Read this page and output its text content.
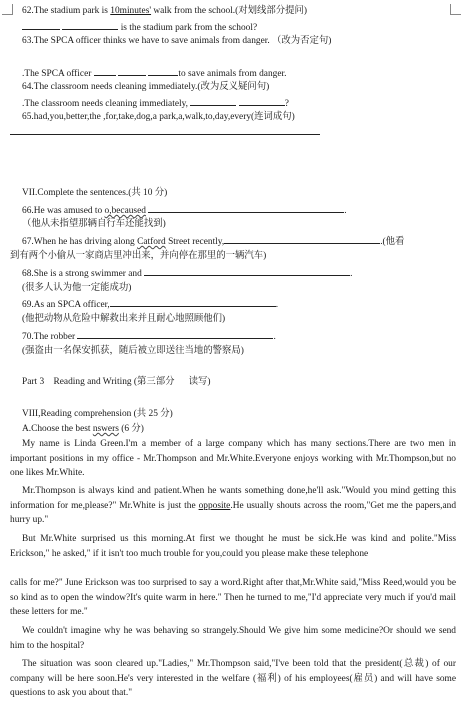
62.The stadium park is 10minutes' walk from the school.(对划线部分提问)
is the stadium park from the school?
63.The SPCA officer thinks we have to save animals from danger. （改为否定句)
.The SPCA officer	to save animals from danger.
64.The classroom needs cleaning immediately.(改为反义疑问句)
.The classroom needs cleaning immediately,	?
65.had,you,better,the ,for,take,dog,a park,a,walk,to,day,every(连词成句)
VII.Complete the sentences.(共 10 分)
66.He was amused to o,becaused	.
（他从未指望那辆自行车还能找到)
67.When he has driving along Catford Street recently,	.(他看
到有两个小偷从一家商店里冲出来，并向停在那里的一辆汽车)
68.She is a strong swimmer and	.
(很多人认为他一定能成功)
69.As an SPCA officer,	.
(他把动物从危险中解救出来并且耐心地照顾他们)
70.The robber	.
(强盗由一名保安抓获，随后被立即送往当地的警察局)
Part 3    Reading and Writing (第三部分      读写)
VIII,Reading comprehension (共 25 分)
A.Choose the best nswers (6 分)
My name is Linda Green.I'm a member of a large company which has many sections.There are two men in important positions in my office - Mr.Thompson and Mr.White.Everyone enjoys working with Mr.Thompson,but no one likes Mr.White.
Mr.Thompson is always kind and patient.When he wants something done,he'll ask."Would you mind getting this information for me,please?" Mr.White is just the opposite.He usually shouts across the room,"Get me the papers,and hurry up."
But Mr.White surprised us this morning.At first we thought he must be sick.He was kind and polite."Miss Erickson," he asked," if it isn't too much trouble for you,could you please make these telephone
calls for me?" June Erickson was too surprised to say a word.Right after that,Mr.White said,"Miss Reed,would you be so kind as to open the window?It's quite warm in here." Then he turned to me,"I'd appreciate very much if you'd mail these letters for me."
We couldn't imagine why he was behaving so strangely.Should We give him some medicine?Or should we send him to the hospital?
The situation was soon cleared up."Ladies," Mr.Thompson said,"I've been told that the president(总裁) of our company will be here soon.He's very interested in the welfare (福利) of his employees(雇员) and will have some questions to ask you about that."
